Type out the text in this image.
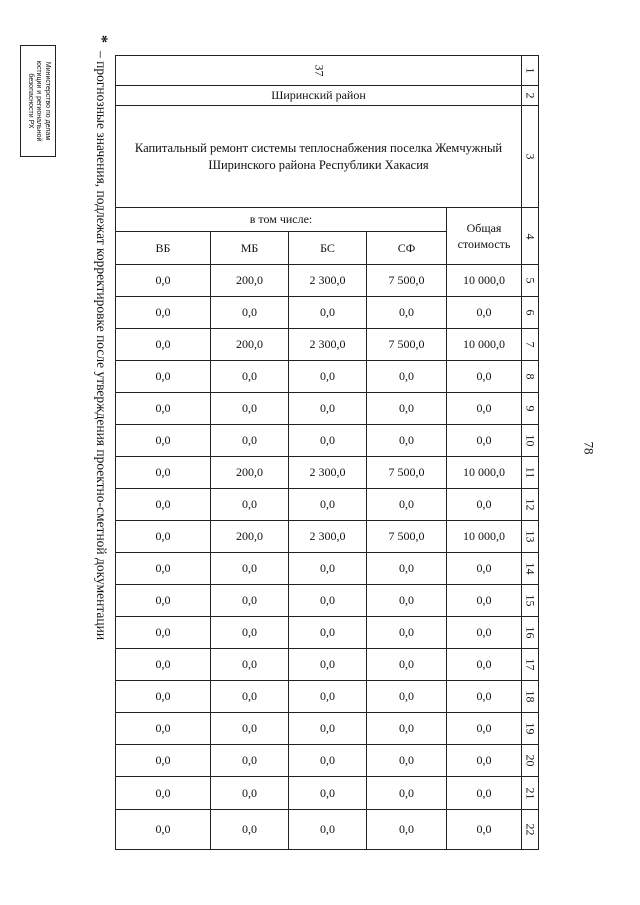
Министерство по делам
юстиции и региональной
безопасности РХ
*– прогнозные значения, подлежат корректировке после утверждения проектно-сметной документации	78
37					1
Ширинский район					2
Капитальный ремонт системы теплоснабжения поселка Жемчужный Ширинского района Республики Хакасия					3
в том числе:				Общая стоимость	4
ВБ	МБ	БС	СФ		
0,0	200,0	2 300,0	7 500,0	10 000,0	5
0,0	0,0	0,0	0,0	0,0	6
0,0	200,0	2 300,0	7 500,0	10 000,0	7
0,0	0,0	0,0	0,0	0,0	8
0,0	0,0	0,0	0,0	0,0	9
0,0	0,0	0,0	0,0	0,0	10
0,0	200,0	2 300,0	7 500,0	10 000,0	11
0,0	0,0	0,0	0,0	0,0	12
0,0	200,0	2 300,0	7 500,0	10 000,0	13
0,0	0,0	0,0	0,0	0,0	14
0,0	0,0	0,0	0,0	0,0	15
0,0	0,0	0,0	0,0	0,0	16
0,0	0,0	0,0	0,0	0,0	17
0,0	0,0	0,0	0,0	0,0	18
0,0	0,0	0,0	0,0	0,0	19
0,0	0,0	0,0	0,0	0,0	20
0,0	0,0	0,0	0,0	0,0	21
0,0	0,0	0,0	0,0	0,0	22
